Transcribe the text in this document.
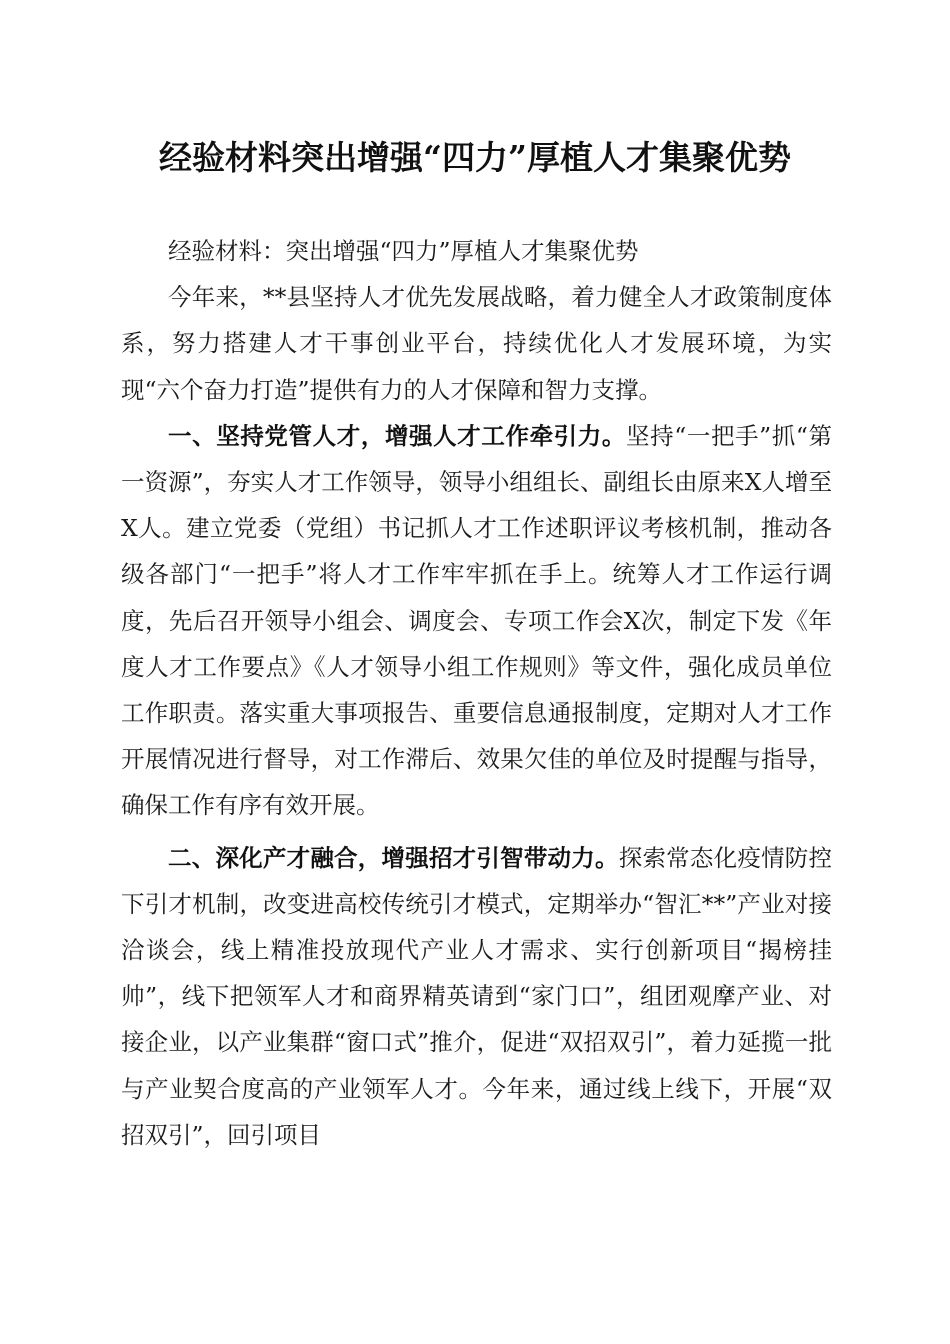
经验材料突出增强“四力”厚植人才集聚优势

经验材料：突出增强“四力”厚植人才集聚优势

今年来，**县坚持人才优先发展战略，着力健全人才政策制度体系，努力搭建人才干事创业平台，持续优化人才发展环境，为实现“六个奋力打造”提供有力的人才保障和智力支撑。

一、坚持党管人才，增强人才工作牵引力。坚持“一把手”抓“第一资源”，夯实人才工作领导，领导小组组长、副组长由原来X人增至X人。建立党委（党组）书记抓人才工作述职评议考核机制，推动各级各部门“一把手”将人才工作牢牢抓在手上。统筹人才工作运行调度，先后召开领导小组会、调度会、专项工作会X次，制定下发《年度人才工作要点》《人才领导小组工作规则》等文件，强化成员单位工作职责。落实重大事项报告、重要信息通报制度，定期对人才工作开展情况进行督导，对工作滞后、效果欠佳的单位及时提醒与指导，确保工作有序有效开展。

二、深化产才融合，增强招才引智带动力。探索常态化疫情防控下引才机制，改变进高校传统引才模式，定期举办“智汇**”产业对接洽谈会，线上精准投放现代产业人才需求、实行创新项目“揭榜挂帅”，线下把领军人才和商界精英请到“家门口”，组团观摩产业、对接企业，以产业集群“窗口式”推介，促进“双招双引”，着力延揽一批与产业契合度高的产业领军人才。今年来，通过线上线下，开展“双招双引”，回引项目
